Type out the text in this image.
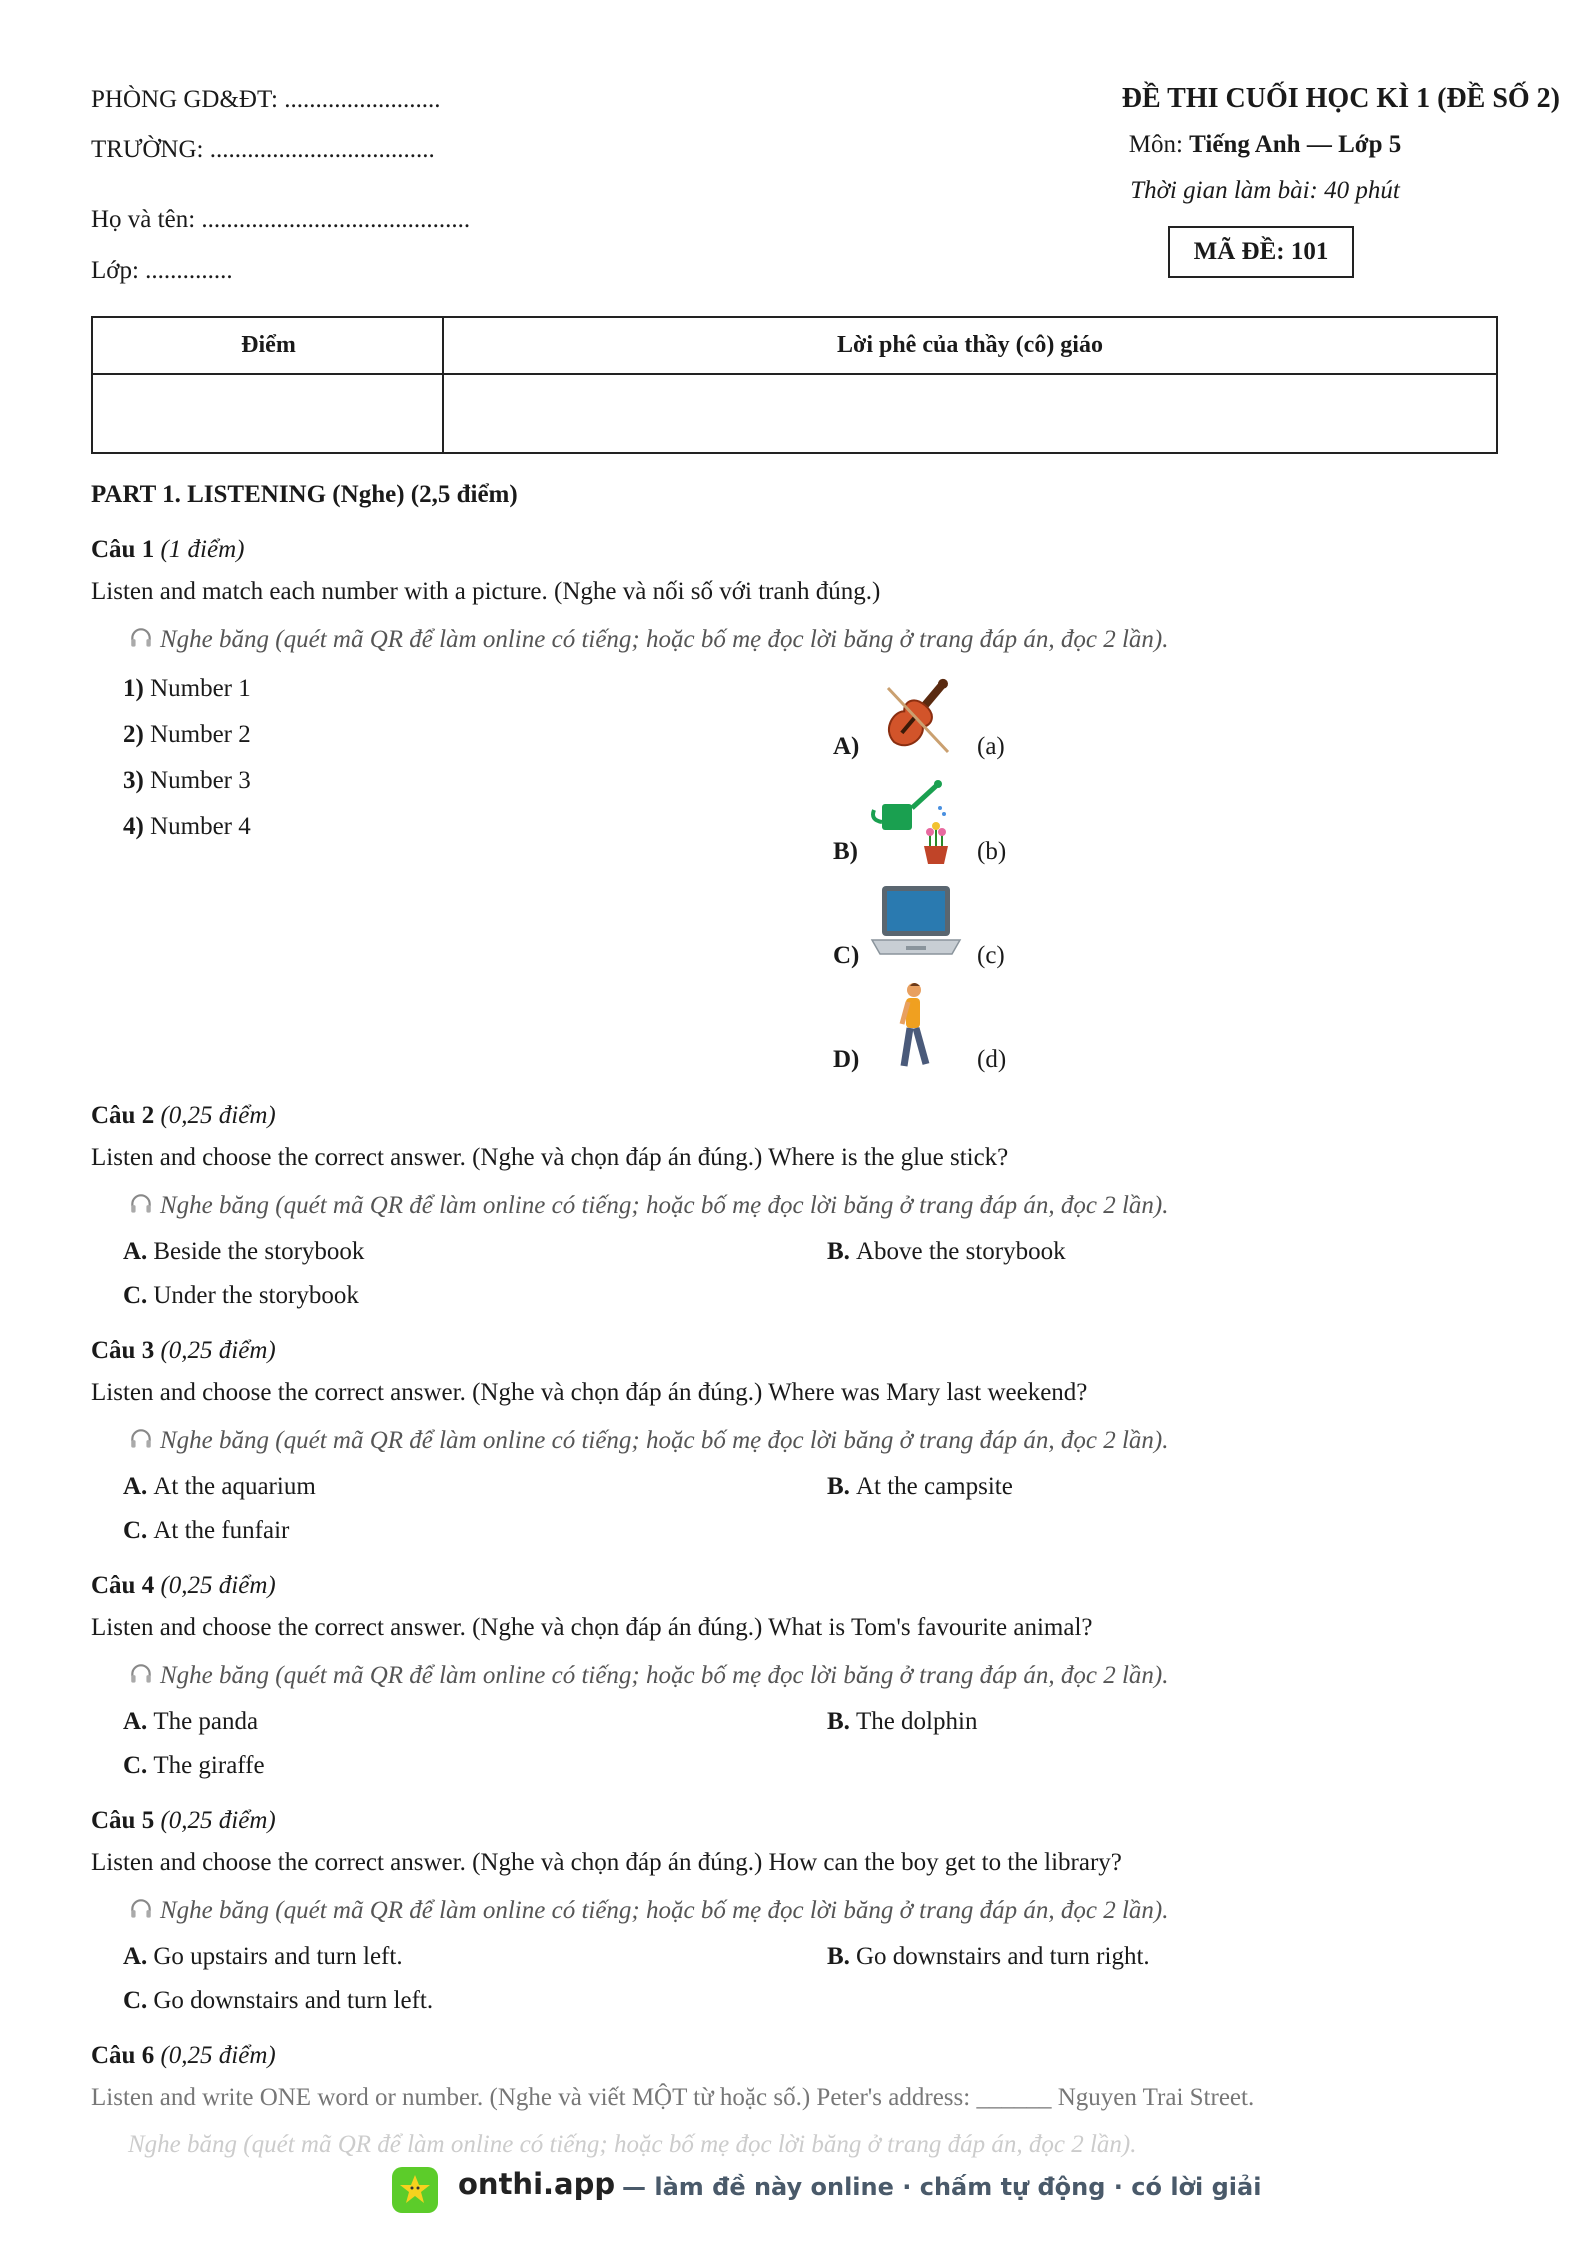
PHÒNG GD&ĐT: .........................
TRƯỜNG: ....................................
Họ và tên: ...........................................
Lớp: ..............
ĐỀ THI CUỐI HỌC KÌ 1 (ĐỀ SỐ 2)
Môn: Tiếng Anh — Lớp 5
Thời gian làm bài: 40 phút
MÃ ĐỀ: 101
Điểm	Lời phê của thầy (cô) giáo
PART 1. LISTENING (Nghe) (2,5 điểm)
Câu 1 (1 điểm)
Listen and match each number with a picture. (Nghe và nối số với tranh đúng.)
Nghe băng (quét mã QR để làm online có tiếng; hoặc bố mẹ đọc lời băng ở trang đáp án, đọc 2 lần).
1) Number 1
2) Number 2
3) Number 3
4) Number 4
A)	(a)
B)	(b)
C)	(c)
D)	(d)
Câu 2 (0,25 điểm)
Listen and choose the correct answer. (Nghe và chọn đáp án đúng.) Where is the glue stick?
Nghe băng (quét mã QR để làm online có tiếng; hoặc bố mẹ đọc lời băng ở trang đáp án, đọc 2 lần).
A. Beside the storybook	B. Above the storybook
C. Under the storybook
Câu 3 (0,25 điểm)
Listen and choose the correct answer. (Nghe và chọn đáp án đúng.) Where was Mary last weekend?
Nghe băng (quét mã QR để làm online có tiếng; hoặc bố mẹ đọc lời băng ở trang đáp án, đọc 2 lần).
A. At the aquarium	B. At the campsite
C. At the funfair
Câu 4 (0,25 điểm)
Listen and choose the correct answer. (Nghe và chọn đáp án đúng.) What is Tom's favourite animal?
Nghe băng (quét mã QR để làm online có tiếng; hoặc bố mẹ đọc lời băng ở trang đáp án, đọc 2 lần).
A. The panda	B. The dolphin
C. The giraffe
Câu 5 (0,25 điểm)
Listen and choose the correct answer. (Nghe và chọn đáp án đúng.) How can the boy get to the library?
Nghe băng (quét mã QR để làm online có tiếng; hoặc bố mẹ đọc lời băng ở trang đáp án, đọc 2 lần).
A. Go upstairs and turn left.	B. Go downstairs and turn right.
C. Go downstairs and turn left.
Câu 6 (0,25 điểm)
Listen and write ONE word or number. (Nghe và viết MỘT từ hoặc số.) Peter's address: ______ Nguyen Trai Street.
Nghe băng (quét mã QR để làm online có tiếng; hoặc bố mẹ đọc lời băng ở trang đáp án, đọc 2 lần).
onthi.app — làm đề này online · chấm tự động · có lời giải
